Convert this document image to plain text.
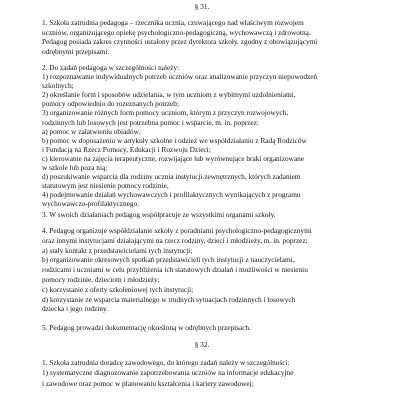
§ 31.
1. Szkoła zatrudnia pedagoga – rzecznika ucznia, czuwającego nad właściwym rozwojem
uczniów, organizującego opiekę psychologiczno-pedagogiczną, wychowawczą i zdrowotną.
Pedagog posiada zakres czynności ustalony przez dyrektora szkoły, zgodny z obowiązującymi
odrębnymi przepisami.
2. Do zadań pedagoga w szczególności należy:
1) rozpoznawanie indywidualnych potrzeb uczniów oraz analizowanie przyczyn niepowodzeń
szkolnych;
2) określanie form i sposobów udzielania, w tym uczniom z wybitnymi uzdolnieniami,
pomocy odpowiednio do rozeznanych potrzeb;
3) organizowanie różnych form pomocy uczniom, którym z przyczyn rozwojowych,
rodzinnych lub losowych jest potrzebna pomoc i wsparcie, m. in. poprzez:
a) pomoc w załatwieniu obiadów;
b) pomoc w doposażeniu w artykuły szkolne i odzież we współdziałaniu z Radą Rodziców
i Fundacją na Rzecz Pomocy, Edukacji i Rozwoju Dzieci;
c) kierowanie na zajęcia terapeutyczne, rozwijające lub wyrównujące braki organizowane
w szkole lub poza nią;
d) poszukiwanie wsparcia dla rodziny ucznia instytucji zewnętrznych, których zadaniem
statutowym jest niesienie pomocy rodzinie,
4) podejmowanie działań wychowawczych i profilaktycznych wynikających z programu
wychowawczo-profilaktycznego.
3. W swoich działaniach pedagog współpracuje ze wszystkimi organami szkoły.
4. Pedagog organizuje współdziałanie szkoły z poradniami psychologiczno-pedagogicznymi
oraz innymi instytucjami działającymi na rzecz rodziny, dzieci i młodzieży, m. in. poprzez:
a) stały kontakt z przedstawicielami tych instytucji;
b) organizowanie okresowych spotkań przedstawicieli tych instytucji z nauczycielami,
rodzicami i uczniami w celu przybliżenia ich statutowych działań i możliwości w niesieniu
pomocy rodzinie, dzieciom i młodzieży;
c) korzystanie z oferty szkoleniowej tych instytucji;
d) korzystanie ze wsparcia materialnego w trudnych sytuacjach rodzinnych i losowych
dziecka i jego rodziny.
5. Pedagog prowadzi dokumentację określoną w odrębnych przepisach.
§ 32.
1. Szkoła zatrudnia doradcę zawodowego, do którego zadań należy w szczególności:
1) systematyczne diagnozowanie zapotrzebowania uczniów na informacje edukacyjne
i zawodowe oraz pomoc w planowaniu kształcenia i kariery zawodowej;
